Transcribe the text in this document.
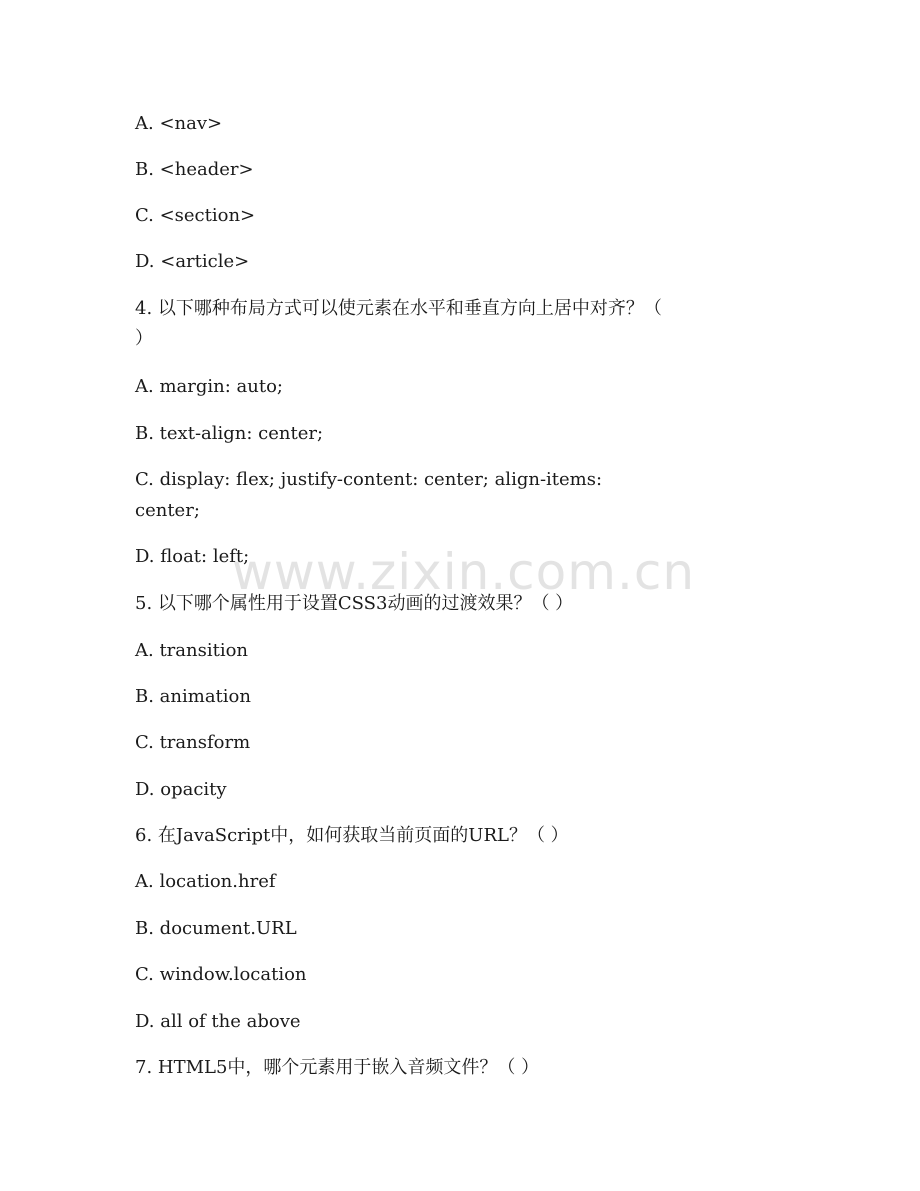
www.zixin.com.cn
A. <nav>
B. <header>
C. <section>
D. <article>
4. 以下哪种布局方式可以使元素在水平和垂直方向上居中对齐？（
）
A. margin: auto;
B. text-align: center;
C. display: flex; justify-content: center; align-items:
center;
D. float: left;
5. 以下哪个属性用于设置CSS3动画的过渡效果？（ ）
A. transition
B. animation
C. transform
D. opacity
6. 在JavaScript中，如何获取当前页面的URL？（ ）
A. location.href
B. document.URL
C. window.location
D. all of the above
7. HTML5中，哪个元素用于嵌入音频文件？（ ）
